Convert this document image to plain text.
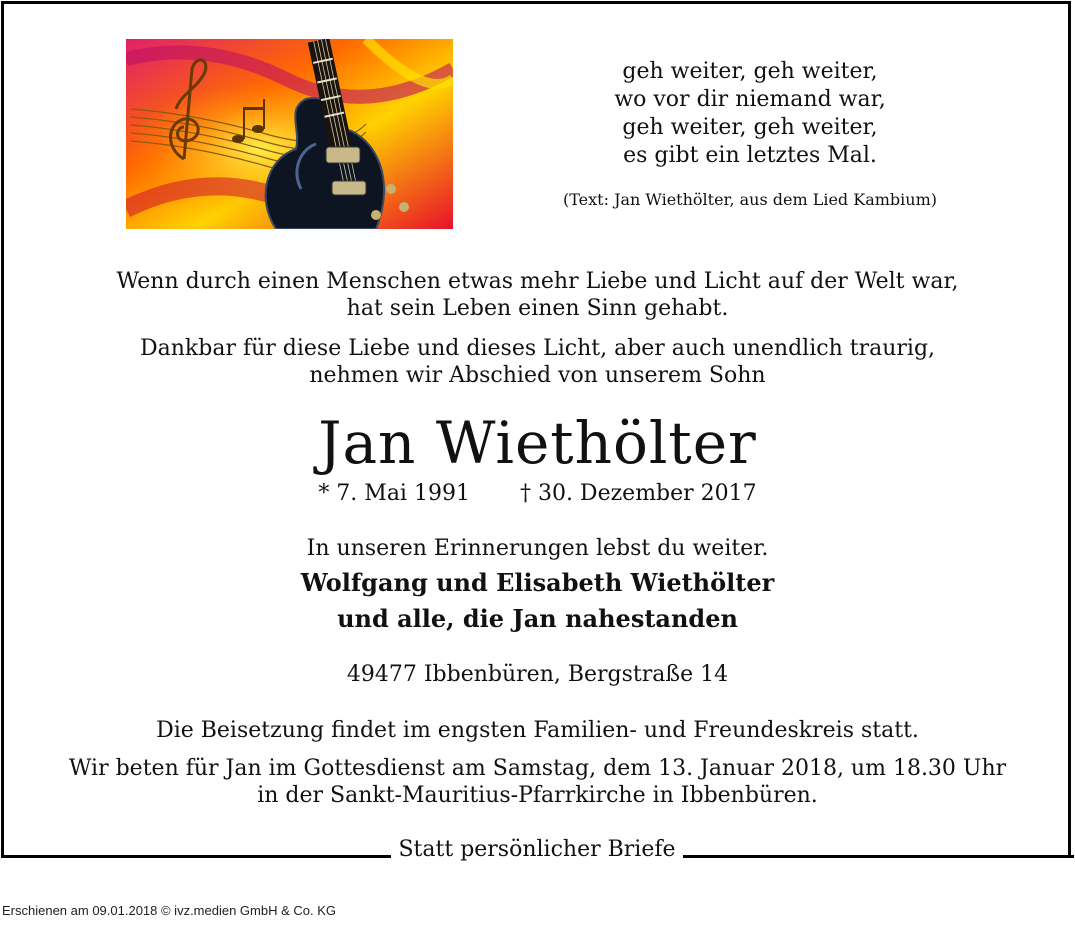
geh weiter, geh weiter,
wo vor dir niemand war,
geh weiter, geh weiter,
es gibt ein letztes Mal.
(Text: Jan Wiethölter, aus dem Lied Kambium)
Wenn durch einen Menschen etwas mehr Liebe und Licht auf der Welt war,
hat sein Leben einen Sinn gehabt.
Dankbar für diese Liebe und dieses Licht, aber auch unendlich traurig,
nehmen wir Abschied von unserem Sohn
Jan Wiethölter
* 7. Mai 1991 † 30. Dezember 2017
In unseren Erinnerungen lebst du weiter.
Wolfgang und Elisabeth Wiethölter
und alle, die Jan nahestanden
49477 Ibbenbüren, Bergstraße 14
Die Beisetzung findet im engsten Familien- und Freundeskreis statt.
Wir beten für Jan im Gottesdienst am Samstag, dem 13. Januar 2018, um 18.30 Uhr
in der Sankt-Mauritius-Pfarrkirche in Ibbenbüren.
Statt persönlicher Briefe
Erschienen am 09.01.2018 © ivz.medien GmbH & Co. KG
